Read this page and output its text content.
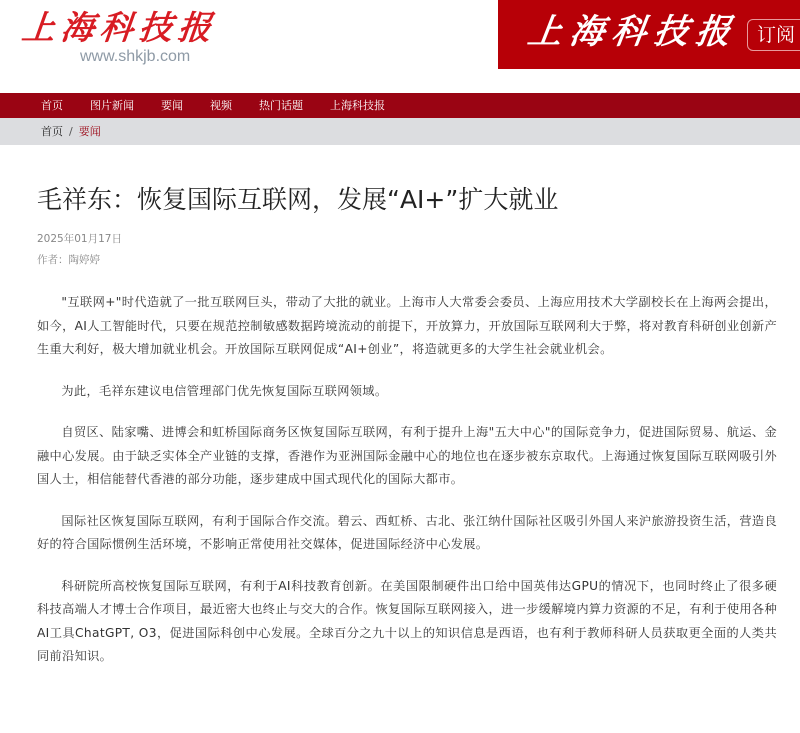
上海科技报
www.shkjb.com
上海科技报 订阅
首页 图片新闻 要闻 视频 热门话题 上海科技报
首页 / 要闻
毛祥东：恢复国际互联网，发展“AI+”扩大就业
2025年01月17日
作者：陶婷婷

"互联网+"时代造就了一批互联网巨头，带动了大批的就业。上海市人大常委会委员、上海应用技术大学副校长在上海两会提出，如今，AI人工智能时代，只要在规范控制敏感数据跨境流动的前提下，开放算力，开放国际互联网利大于弊，将对教育科研创业创新产生重大利好，极大增加就业机会。开放国际互联网促成“AI+创业”，将造就更多的大学生社会就业机会。

为此，毛祥东建议电信管理部门优先恢复国际互联网领域。

自贸区、陆家嘴、进博会和虹桥国际商务区恢复国际互联网，有利于提升上海"五大中心"的国际竞争力，促进国际贸易、航运、金融中心发展。由于缺乏实体全产业链的支撑，香港作为亚洲国际金融中心的地位也在逐步被东京取代。上海通过恢复国际互联网吸引外国人士，相信能替代香港的部分功能，逐步建成中国式现代化的国际大都市。

国际社区恢复国际互联网，有利于国际合作交流。碧云、西虹桥、古北、张江纳什国际社区吸引外国人来沪旅游投资生活，营造良好的符合国际惯例生活环境，不影响正常使用社交媒体，促进国际经济中心发展。

科研院所高校恢复国际互联网，有利于AI科技教育创新。在美国限制硬件出口给中国英伟达GPU的情况下，也同时终止了很多硬科技高端人才博士合作项目，最近密大也终止与交大的合作。恢复国际互联网接入，进一步缓解境内算力资源的不足，有利于使用各种AI工具ChatGPT, O3，促进国际科创中心发展。全球百分之九十以上的知识信息是西语，也有利于教师科研人员获取更全面的人类共同前沿知识。
